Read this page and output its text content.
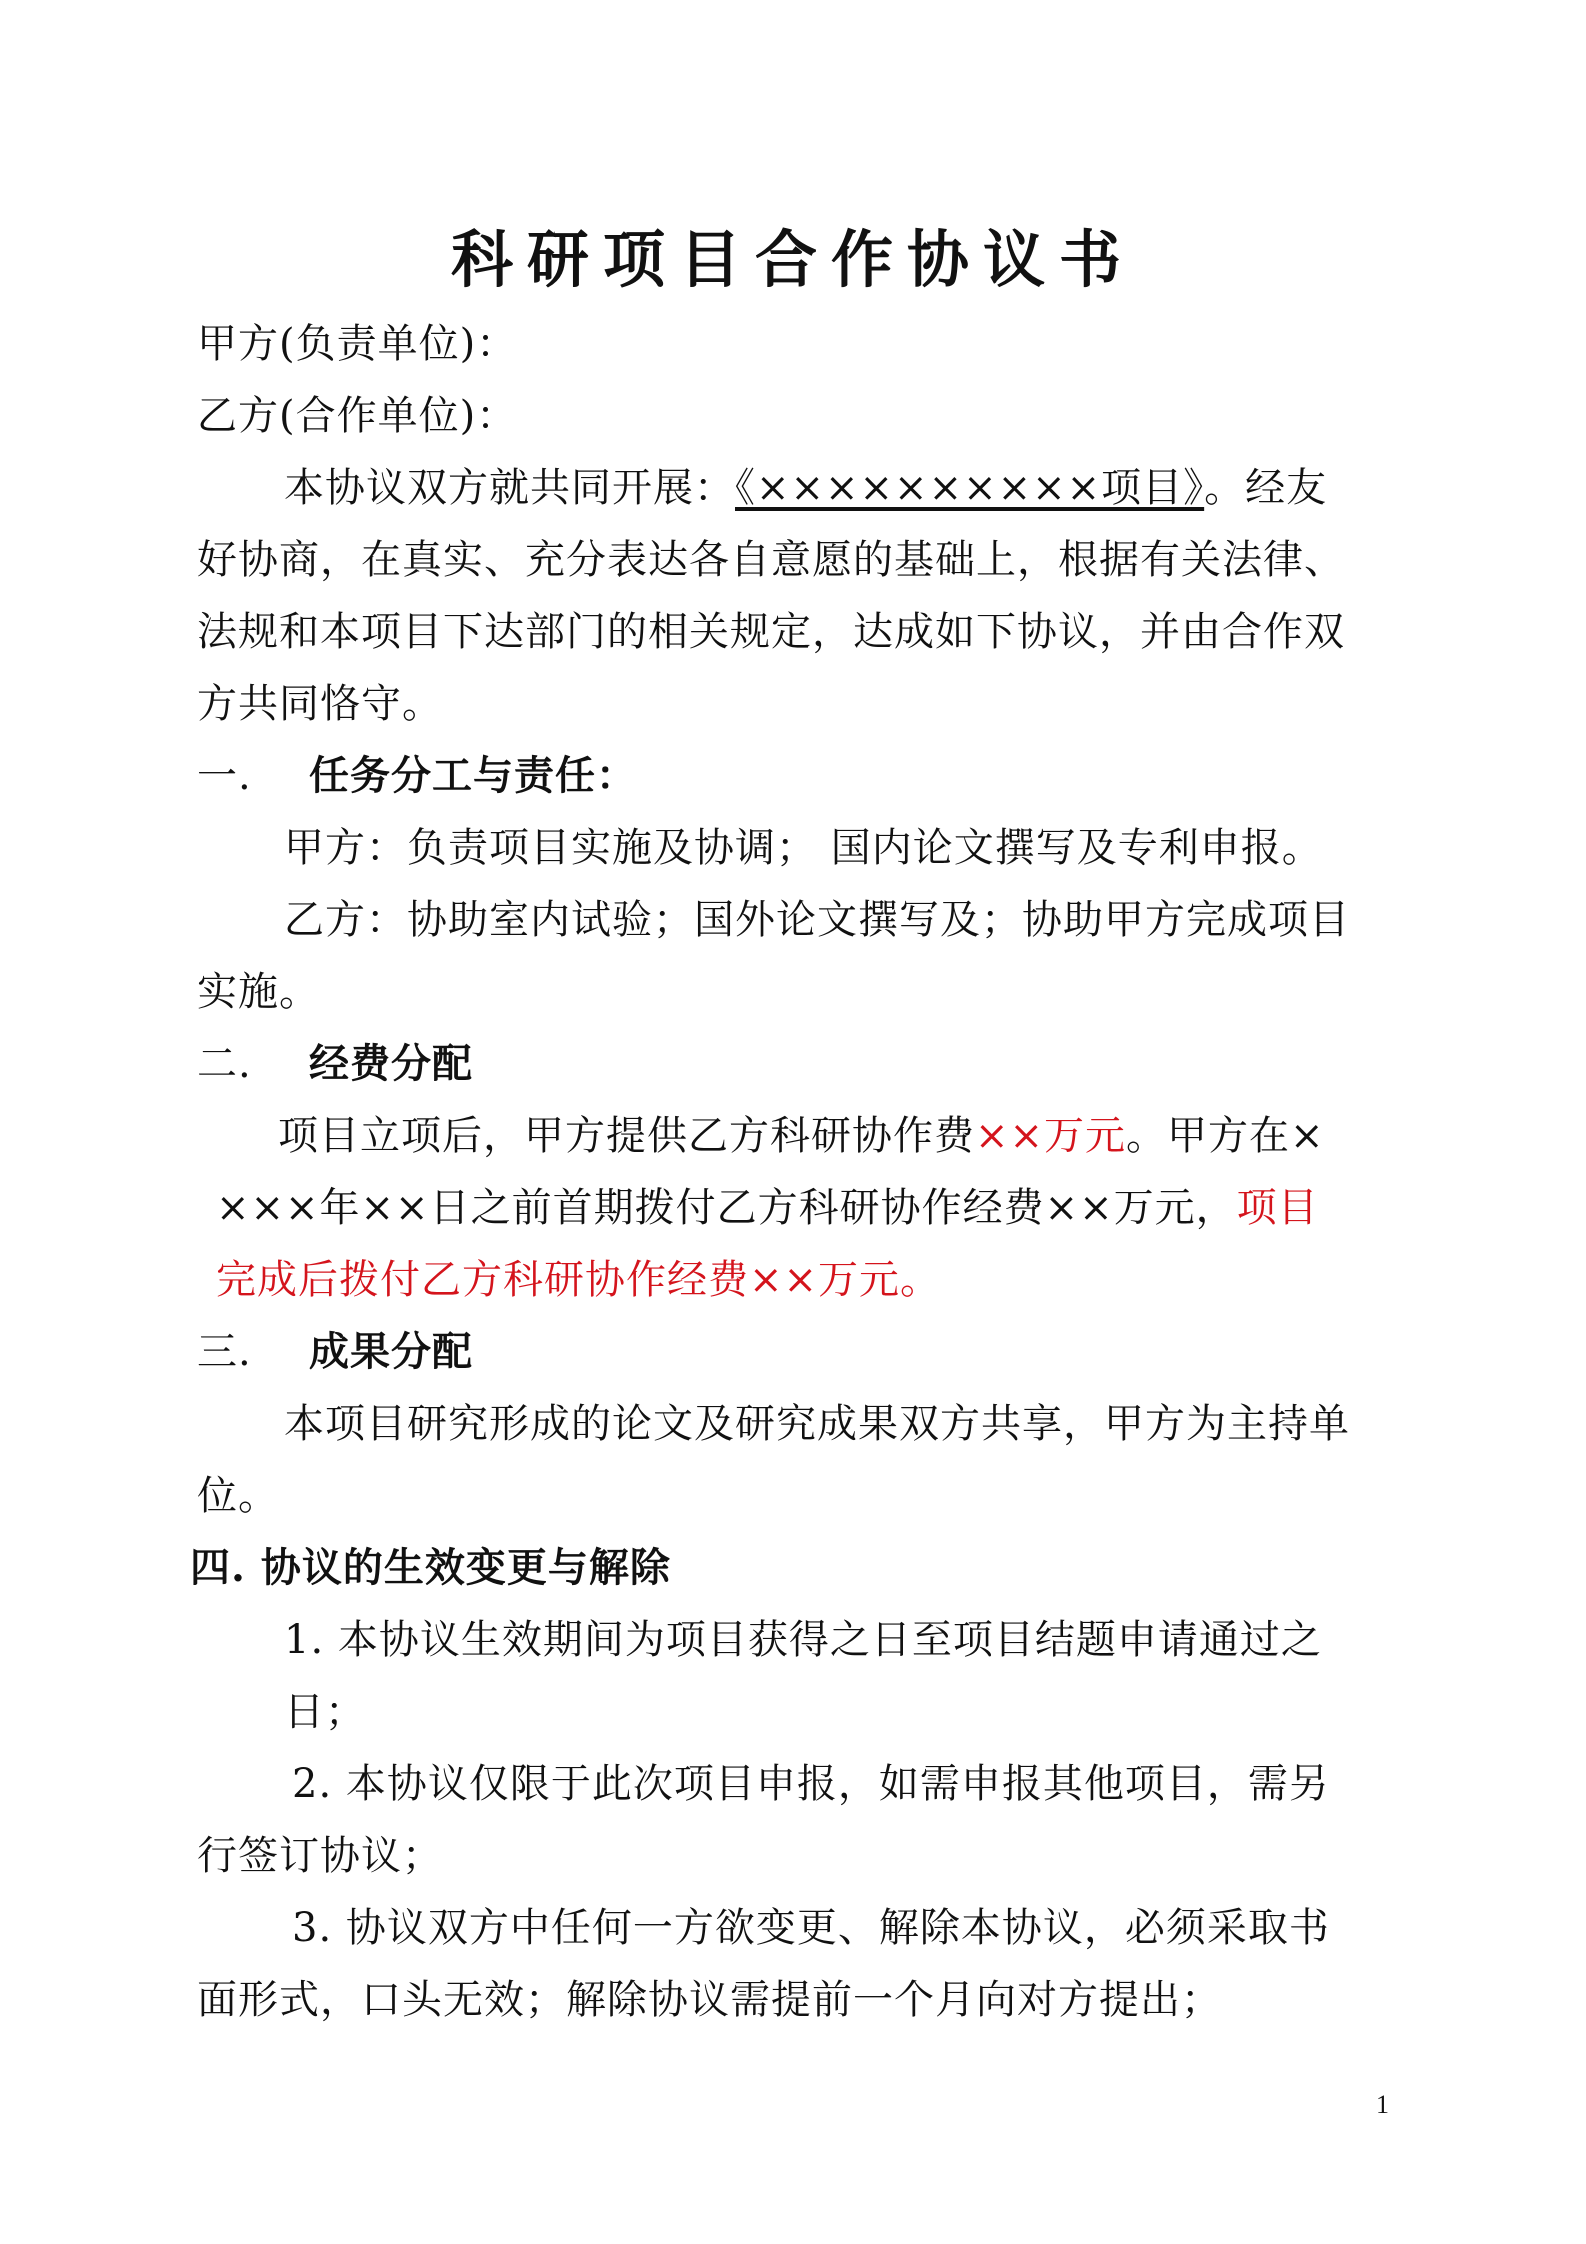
科研项目合作协议书
甲方(负责单位)：
乙方(合作单位)：
本协议双方就共同开展：《××××××××××项目》。经友
好协商，在真实、充分表达各自意愿的基础上，根据有关法律、
法规和本项目下达部门的相关规定，达成如下协议，并由合作双
方共同恪守。
一. 任务分工与责任：
甲方：负责项目实施及协调； 国内论文撰写及专利申报。
乙方：协助室内试验；国外论文撰写及；协助甲方完成项目
实施。
二. 经费分配
项目立项后，甲方提供乙方科研协作费××万元。甲方在×
×××年××日之前首期拨付乙方科研协作经费××万元，项目
完成后拨付乙方科研协作经费××万元。
三. 成果分配
本项目研究形成的论文及研究成果双方共享，甲方为主持单
位。
四. 协议的生效变更与解除
1. 本协议生效期间为项目获得之日至项目结题申请通过之
日；
2. 本协议仅限于此次项目申报，如需申报其他项目，需另
行签订协议；
3. 协议双方中任何一方欲变更、解除本协议，必须采取书
面形式，口头无效；解除协议需提前一个月向对方提出；
1
